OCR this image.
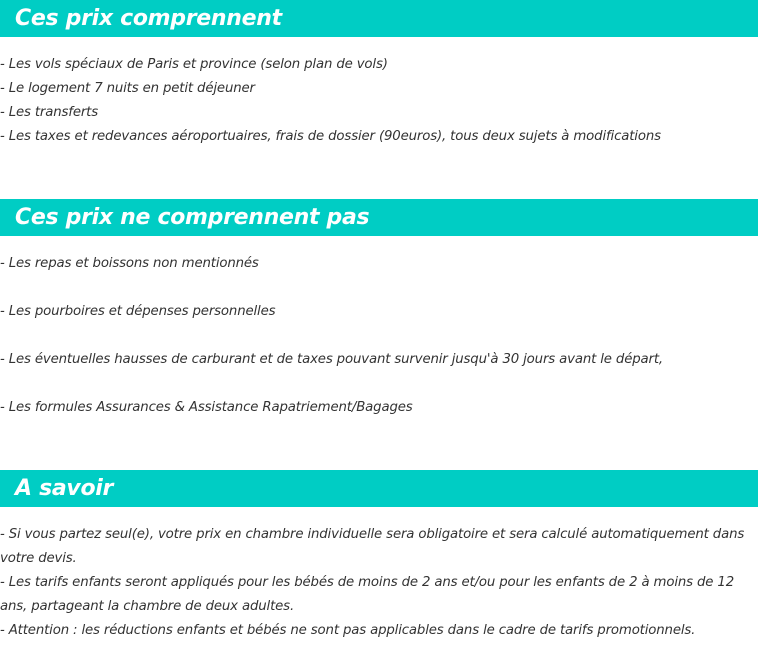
Ces prix comprennent
- Les vols spéciaux de Paris et province (selon plan de vols)
- Le logement 7 nuits en petit déjeuner
- Les transferts
- Les taxes et redevances aéroportuaires, frais de dossier (90euros), tous deux sujets à modifications
Ces prix ne comprennent pas
- Les repas et boissons non mentionnés
- Les pourboires et dépenses personnelles
- Les éventuelles hausses de carburant et de taxes pouvant survenir jusqu'à 30 jours avant le départ,
- Les formules Assurances & Assistance Rapatriement/Bagages
A savoir
- Si vous partez seul(e), votre prix en chambre individuelle sera obligatoire et sera calculé automatiquement dans votre devis.
- Les tarifs enfants seront appliqués pour les bébés de moins de 2 ans et/ou pour les enfants de 2 à moins de 12 ans, partageant la chambre de deux adultes.
- Attention : les réductions enfants et bébés ne sont pas applicables dans le cadre de tarifs promotionnels.
